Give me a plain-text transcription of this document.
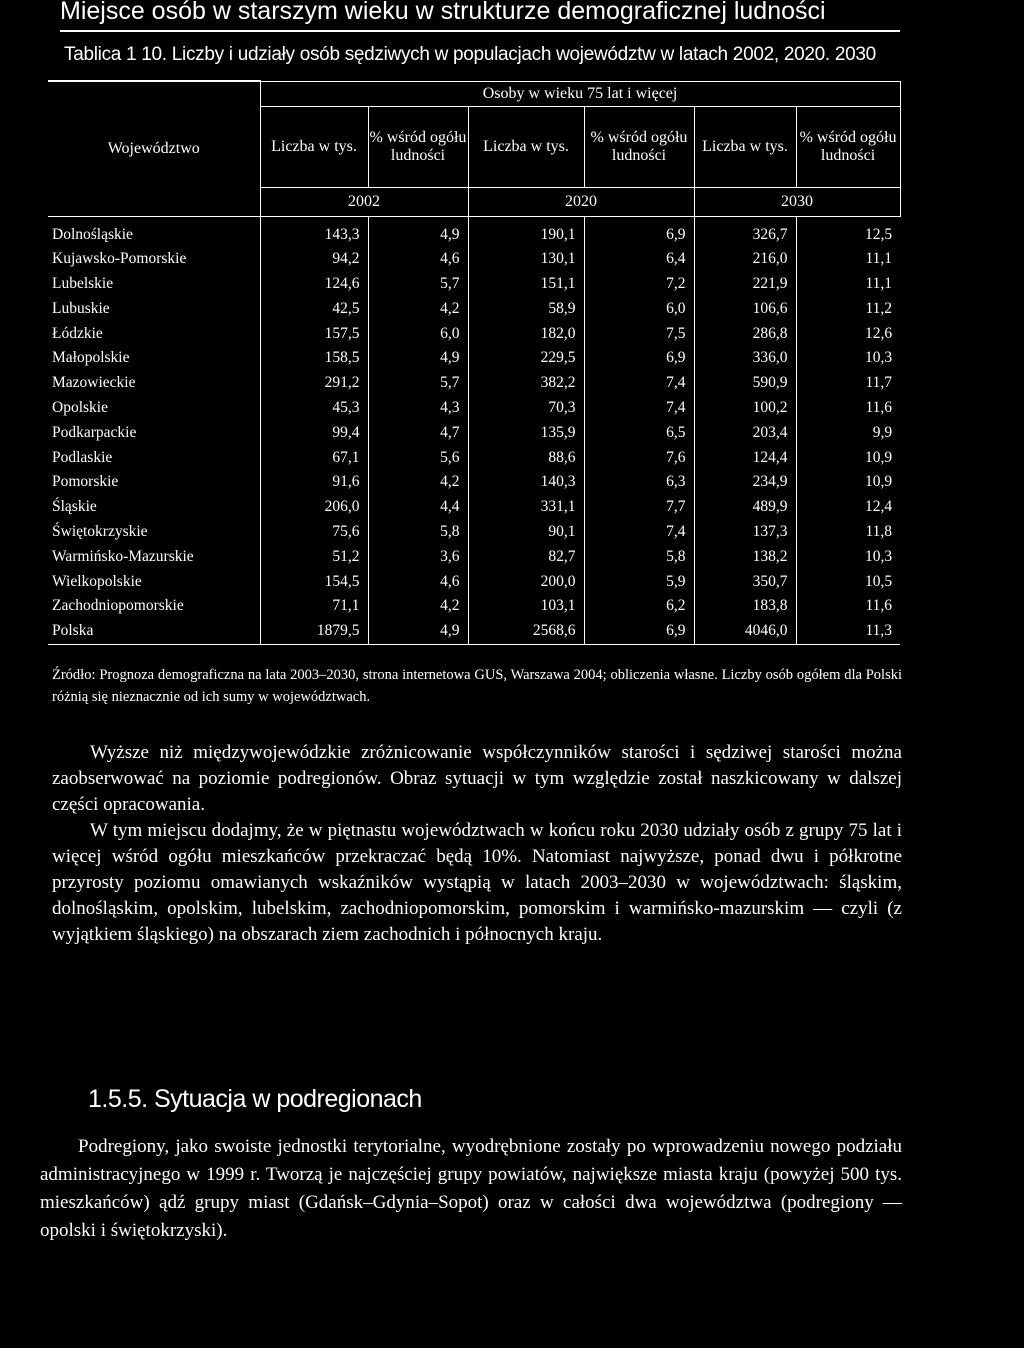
Miejsce osób w starszym wieku w strukturze demograficznej ludności
Tablica 1 10. Liczby i udziały osób sędziwych w populacjach województw w latach 2002, 2020. 2030
Województwo	Osoby w wieku 75 lat i więcej					
	Liczba w tys.	% wśród ogółu ludności	Liczba w tys.	% wśród ogółu ludności	Liczba w tys.	% wśród ogółu ludności
	2002		2020		2030	
Dolnośląskie	143,3	4,9	190,1	6,9	326,7	12,5
Kujawsko-Pomorskie	94,2	4,6	130,1	6,4	216,0	11,1
Lubelskie	124,6	5,7	151,1	7,2	221,9	11,1
Lubuskie	42,5	4,2	58,9	6,0	106,6	11,2
Łódzkie	157,5	6,0	182,0	7,5	286,8	12,6
Małopolskie	158,5	4,9	229,5	6,9	336,0	10,3
Mazowieckie	291,2	5,7	382,2	7,4	590,9	11,7
Opolskie	45,3	4,3	70,3	7,4	100,2	11,6
Podkarpackie	99,4	4,7	135,9	6,5	203,4	9,9
Podlaskie	67,1	5,6	88,6	7,6	124,4	10,9
Pomorskie	91,6	4,2	140,3	6,3	234,9	10,9
Śląskie	206,0	4,4	331,1	7,7	489,9	12,4
Świętokrzyskie	75,6	5,8	90,1	7,4	137,3	11,8
Warmińsko-Mazurskie	51,2	3,6	82,7	5,8	138,2	10,3
Wielkopolskie	154,5	4,6	200,0	5,9	350,7	10,5
Zachodniopomorskie	71,1	4,2	103,1	6,2	183,8	11,6
Polska	1879,5	4,9	2568,6	6,9	4046,0	11,3
Źródło: Prognoza demograficzna na lata 2003–2030, strona internetowa GUS, Warszawa 2004; obliczenia własne. Liczby osób ogółem dla Polski różnią się nieznacznie od ich sumy w województwach.

Wyższe niż międzywojewódzkie zróżnicowanie współczynników starości i sędziwej starości można zaobserwować na poziomie podregionów. Obraz sytuacji w tym względzie został naszkicowany w dalszej części opracowania.

W tym miejscu dodajmy, że w piętnastu województwach w końcu roku 2030 udziały osób z grupy 75 lat i więcej wśród ogółu mieszkańców przekraczać będą 10%. Natomiast najwyższe, ponad dwu i półkrotne przyrosty poziomu omawianych wskaźników wystąpią w latach 2003–2030 w województwach: śląskim, dolnośląskim, opolskim, lubelskim, zachodniopomorskim, pomorskim i warmińsko-mazurskim — czyli (z wyjątkiem śląskiego) na obszarach ziem zachodnich i północnych kraju.

1.5.5. Sytuacja w podregionach

Podregiony, jako swoiste jednostki terytorialne, wyodrębnione zostały po wprowadzeniu nowego podziału administracyjnego w 1999 r. Tworzą je najczęściej grupy powiatów, największe miasta kraju (powyżej 500 tys. mieszkańców) ądź grupy miast (Gdańsk–Gdynia–Sopot) oraz w całości dwa województwa (podregiony — opolski i świętokrzyski).
